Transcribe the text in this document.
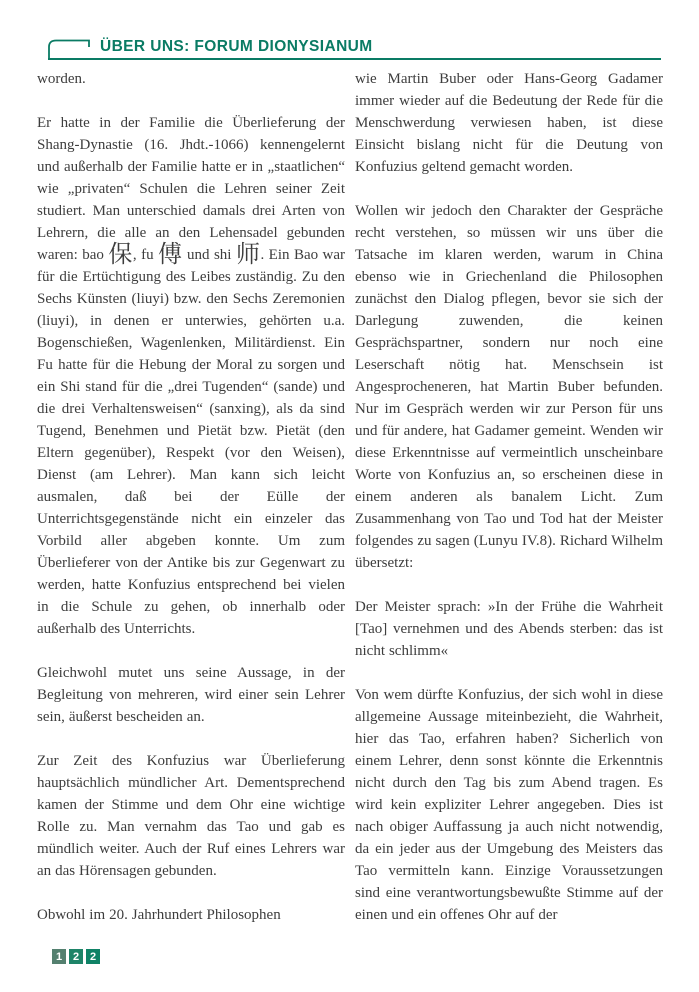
ÜBER UNS: FORUM DIONYSIANUM

worden.

Er hatte in der Familie die Überlieferung der Shang-Dynastie (16. Jhdt.-1066) kennengelernt und außerhalb der Familie hatte er in „staatlichen“ wie „privaten“ Schulen die Lehren seiner Zeit studiert. Man unterschied damals drei Arten von Lehrern, die alle an den Lehensadel gebunden waren: bao 保, fu 傅 und shi 师. Ein Bao war für die Ertüchtigung des Leibes zuständig. Zu den Sechs Künsten (liuyi) bzw. den Sechs Zeremonien (liuyi), in denen er unterwies, gehörten u.a. Bogenschießen, Wagenlenken, Militärdienst. Ein Fu hatte für die Hebung der Moral zu sorgen und ein Shi stand für die „drei Tugenden“ (sande) und die drei Verhaltensweisen“ (sanxing), als da sind Tugend, Benehmen und Pietät bzw. Pietät (den Eltern gegenüber), Respekt (vor den Weisen), Dienst (am Lehrer). Man kann sich leicht ausmalen, daß bei der Eülle der Unterrichtsgegenstände nicht ein einzeler das Vorbild aller abgeben konnte. Um zum Überlieferer von der Antike bis zur Gegenwart zu werden, hatte Konfuzius entsprechend bei vielen in die Schule zu gehen, ob innerhalb oder außerhalb des Unterrichts.

Gleichwohl mutet uns seine Aussage, in der Begleitung von mehreren, wird einer sein Lehrer sein, äußerst bescheiden an.

Zur Zeit des Konfuzius war Überlieferung hauptsächlich mündlicher Art. Dementsprechend kamen der Stimme und dem Ohr eine wichtige Rolle zu. Man vernahm das Tao und gab es mündlich weiter. Auch der Ruf eines Lehrers war an das Hörensagen gebunden.

Obwohl im 20. Jahrhundert Philosophen

wie Martin Buber oder Hans-Georg Gadamer immer wieder auf die Bedeutung der Rede für die Menschwerdung verwiesen haben, ist diese Einsicht bislang nicht für die Deutung von Konfuzius geltend gemacht worden.

Wollen wir jedoch den Charakter der Gespräche recht verstehen, so müssen wir uns über die Tatsache im klaren werden, warum in China ebenso wie in Griechenland die Philosophen zunächst den Dialog pflegen, bevor sie sich der Darlegung zuwenden, die keinen Gesprächspartner, sondern nur noch eine Leserschaft nötig hat. Menschsein ist Angesprocheneren, hat Martin Buber befunden. Nur im Gespräch werden wir zur Person für uns und für andere, hat Gadamer gemeint. Wenden wir diese Erkenntnisse auf vermeintlich unscheinbare Worte von Konfuzius an, so erscheinen diese in einem anderen als banalem Licht. Zum Zusammenhang von Tao und Tod hat der Meister folgendes zu sagen (Lunyu IV.8). Richard Wilhelm übersetzt:

Der Meister sprach: »In der Frühe die Wahrheit [Tao] vernehmen und des Abends sterben: das ist nicht schlimm«

Von wem dürfte Konfuzius, der sich wohl in diese allgemeine Aussage miteinbezieht, die Wahrheit, hier das Tao, erfahren haben? Sicherlich von einem Lehrer, denn sonst könnte die Erkenntnis nicht durch den Tag bis zum Abend tragen. Es wird kein expliziter Lehrer angegeben. Dies ist nach obiger Auffassung ja auch nicht notwendig, da ein jeder aus der Umgebung des Meisters das Tao vermitteln kann. Einzige Voraussetzungen sind eine verantwortungsbewußte Stimme auf der einen und ein offenes Ohr auf der

1 2 2
